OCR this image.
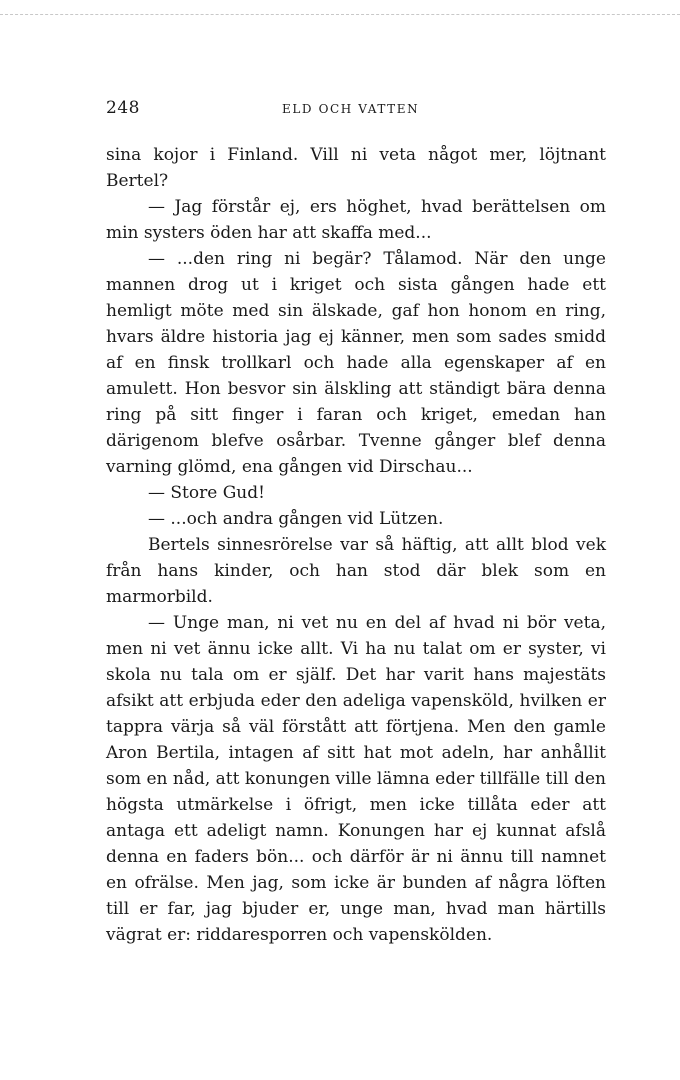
248	ELD OCH VATTEN

sina kojor i Finland. Vill ni veta något mer, löjtnant Bertel?

— Jag förstår ej, ers höghet, hvad berättelsen om min systers öden har att skaffa med...

— ...den ring ni begär? Tålamod. När den unge mannen drog ut i kriget och sista gången hade ett hemligt möte med sin älskade, gaf hon honom en ring, hvars äldre historia jag ej känner, men som sades smidd af en finsk trollkarl och hade alla egenskaper af en amulett. Hon besvor sin älskling att ständigt bära denna ring på sitt finger i faran och kriget, emedan han därigenom blefve osårbar. Tvenne gånger blef denna varning glömd, ena gången vid Dirschau...

— Store Gud!

— ...och andra gången vid Lützen.

Bertels sinnesrörelse var så häftig, att allt blod vek från hans kinder, och han stod där blek som en marmorbild.

— Unge man, ni vet nu en del af hvad ni bör veta, men ni vet ännu icke allt. Vi ha nu talat om er syster, vi skola nu tala om er själf. Det har varit hans majestäts afsikt att erbjuda eder den adeliga vapensköld, hvilken er tappra värja så väl förstått att förtjena. Men den gamle Aron Bertila, intagen af sitt hat mot adeln, har anhållit som en nåd, att konungen ville lämna eder tillfälle till den högsta utmärkelse i öfrigt, men icke tillåta eder att antaga ett adeligt namn. Konungen har ej kunnat afslå denna en faders bön... och därför är ni ännu till namnet en ofrälse. Men jag, som icke är bunden af några löften till er far, jag bjuder er, unge man, hvad man härtills vägrat er: riddaresporren och vapenskölden.
